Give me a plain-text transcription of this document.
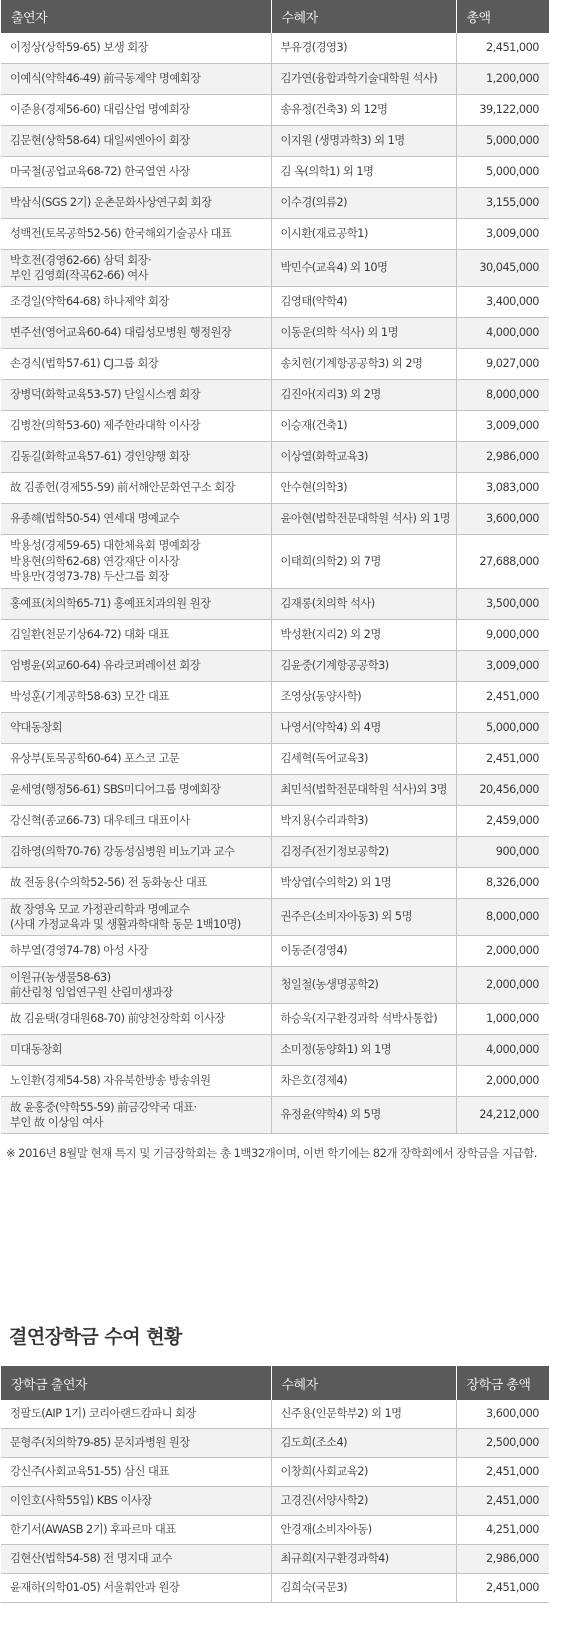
출연자	수혜자	총액
이정상(상학59-65) 보생 회장	부유경(경영3)	2,451,000
이예식(약학46-49) 前극동제약 명예회장	김가연(융합과학기술대학원 석사)	1,200,000
이준용(경제56-60) 대림산업 명예회장	송유정(건축3) 외 12명	39,122,000
김문현(상학58-64) 대일씨엔아이 회장	이지원 (생명과학3) 외 1명	5,000,000
마국철(공업교육68-72) 한국열연 사장	김 옥(의학1) 외 1명	5,000,000
박삼식(SGS 2기) 운촌문화사상연구회 회장	이수경(의류2)	3,155,000
성백전(토목공학52-56) 한국해외기술공사 대표	이시환(재료공학1)	3,009,000
박호전(경영62-66) 삼덕 회장·
부인 김영희(작곡62-66) 여사	박민수(교육4) 외 10명	30,045,000
조경일(약학64-68) 하나제약 회장	김영태(약학4)	3,400,000
변주선(영어교육60-64) 대림성모병원 행정원장	이동운(의학 석사) 외 1명	4,000,000
손경식(법학57-61) CJ그룹 회장	송치헌(기계항공공학3) 외 2명	9,027,000
장병덕(화학교육53-57) 단일시스켐 회장	김진아(지리3) 외 2명	8,000,000
김병찬(의학53-60) 제주한라대학 이사장	이승재(건축1)	3,009,000
김동길(화학교육57-61) 경인양행 회장	이상열(화학교육3)	2,986,000
故 김종헌(경제55-59) 前서해안문화연구소 회장	안수현(의학3)	3,083,000
유종해(법학50-54) 연세대 명예교수	윤아현(법학전문대학원 석사) 외 1명	3,600,000
박용성(경제59-65) 대한체육회 명예회장
박용현(의학62-68) 연강재단 이사장
박용만(경영73-78) 두산그룹 회장	이태희(의학2) 외 7명	27,688,000
홍예표(치의학65-71) 홍예표치과의원 원장	김재롱(치의학 석사)	3,500,000
김일환(천문기상64-72) 대화 대표	박성환(지리2) 외 2명	9,000,000
엄병윤(외교60-64) 유라코퍼레이션 회장	김윤중(기계항공공학3)	3,009,000
박성훈(기계공학58-63) 모간 대표	조영상(동양사학)	2,451,000
약대동창회	나영서(약학4) 외 4명	5,000,000
유상부(토목공학60-64) 포스코 고문	김세혁(독어교육3)	2,451,000
윤세영(행정56-61) SBS미디어그룹 명예회장	최민석(법학전문대학원 석사)외 3명	20,456,000
강신혁(종교66-73) 대우테크 대표이사	박지용(수리과학3)	2,459,000
김하영(의학70-76) 강동성심병원 비뇨기과 교수	김정주(전기정보공학2)	900,000
故 전동용(수의학52-56) 전 동화농산 대표	박상엽(수의학2) 외 1명	8,326,000
故 장영옥 모교 가정관리학과 명예교수
(사대 가정교육과 및 생활과학대학 동문 1백10명)	권주은(소비자아동3) 외 5명	8,000,000
하부열(경영74-78) 아성 사장	이동준(경영4)	2,000,000
이원규(농생물58-63)
前산림청 임업연구원 산림미생과장	청일철(농생명공학2)	2,000,000
故 김윤택(경대원68-70) 前양천장학회 이사장	하승욱(지구환경과학 석박사통합)	1,000,000
미대동창회	소미정(동양화1) 외 1명	4,000,000
노인환(경제54-58) 자유북한방송 방송위원	차은호(경제4)	2,000,000
故 윤홍중(약학55-59) 前금강약국 대표·
부인 故 이상임 여사	유정윤(약학4) 외 5명	24,212,000
※ 2016년 8월말 현재 특지 및 기금장학회는 총 1백32개이며, 이번 학기에는 82개 장학회에서 장학금을 지급함.
결연장학금 수여 현황
장학금 출연자	수혜자	장학금 총액
정팔도(AIP 1기) 코리아랜드캄파니 회장	신주용(인문학부2) 외 1명	3,600,000
문형주(치의학79-85) 문치과병원 원장	김도희(조소4)	2,500,000
강신주(사회교육51-55) 삼신 대표	이창희(사회교육2)	2,451,000
이인호(사학55입) KBS 이사장	고경진(서양사학2)	2,451,000
한기서(AWASB 2기) 후파르마 대표	안경재(소비자아동)	4,251,000
김현산(법학54-58) 전 명지대 교수	최규희(지구환경과학4)	2,986,000
윤재하(의학01-05) 서울휘안과 원장	김희숙(국문3)	2,451,000
